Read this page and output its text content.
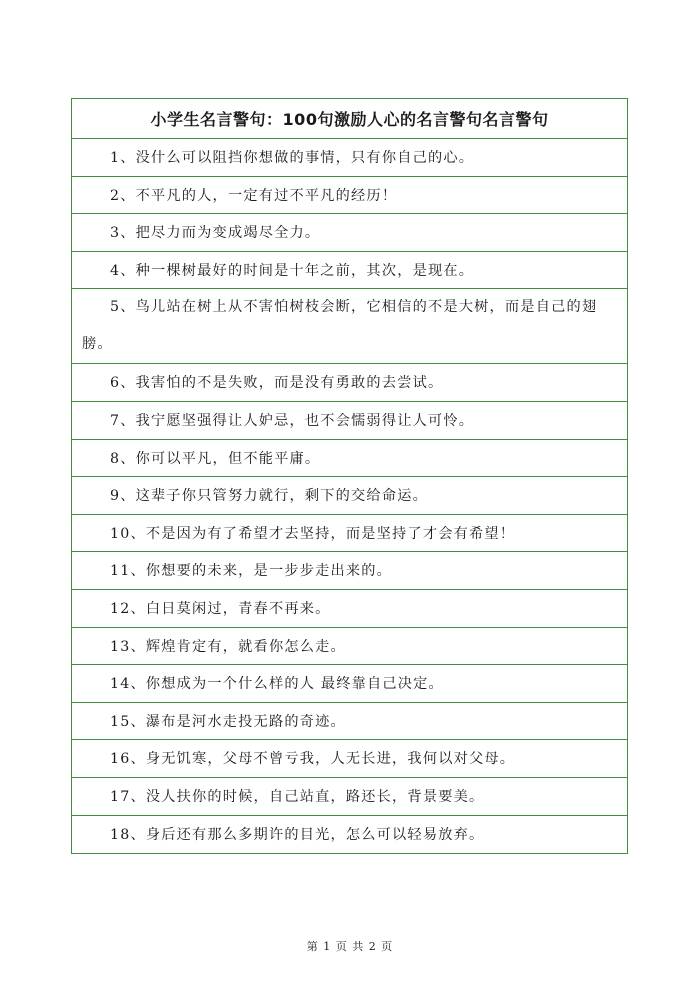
小学生名言警句：100句激励人心的名言警句名言警句
1、没什么可以阻挡你想做的事情，只有你自己的心。
2、不平凡的人，一定有过不平凡的经历！
3、把尽力而为变成竭尽全力。
4、种一棵树最好的时间是十年之前，其次，是现在。
5、鸟儿站在树上从不害怕树枝会断，它相信的不是大树，而是自己的翅膀。
6、我害怕的不是失败，而是没有勇敢的去尝试。
7、我宁愿坚强得让人妒忌，也不会懦弱得让人可怜。
8、你可以平凡，但不能平庸。
9、这辈子你只管努力就行，剩下的交给命运。
10、不是因为有了希望才去坚持，而是坚持了才会有希望！
11、你想要的未来，是一步步走出来的。
12、白日莫闲过，青春不再来。
13、辉煌肯定有，就看你怎么走。
14、你想成为一个什么样的人 最终靠自己决定。
15、瀑布是河水走投无路的奇迹。
16、身无饥寒，父母不曾亏我，人无长进，我何以对父母。
17、没人扶你的时候，自己站直，路还长，背景要美。
18、身后还有那么多期许的目光，怎么可以轻易放弃。
第 1 页 共 2 页
